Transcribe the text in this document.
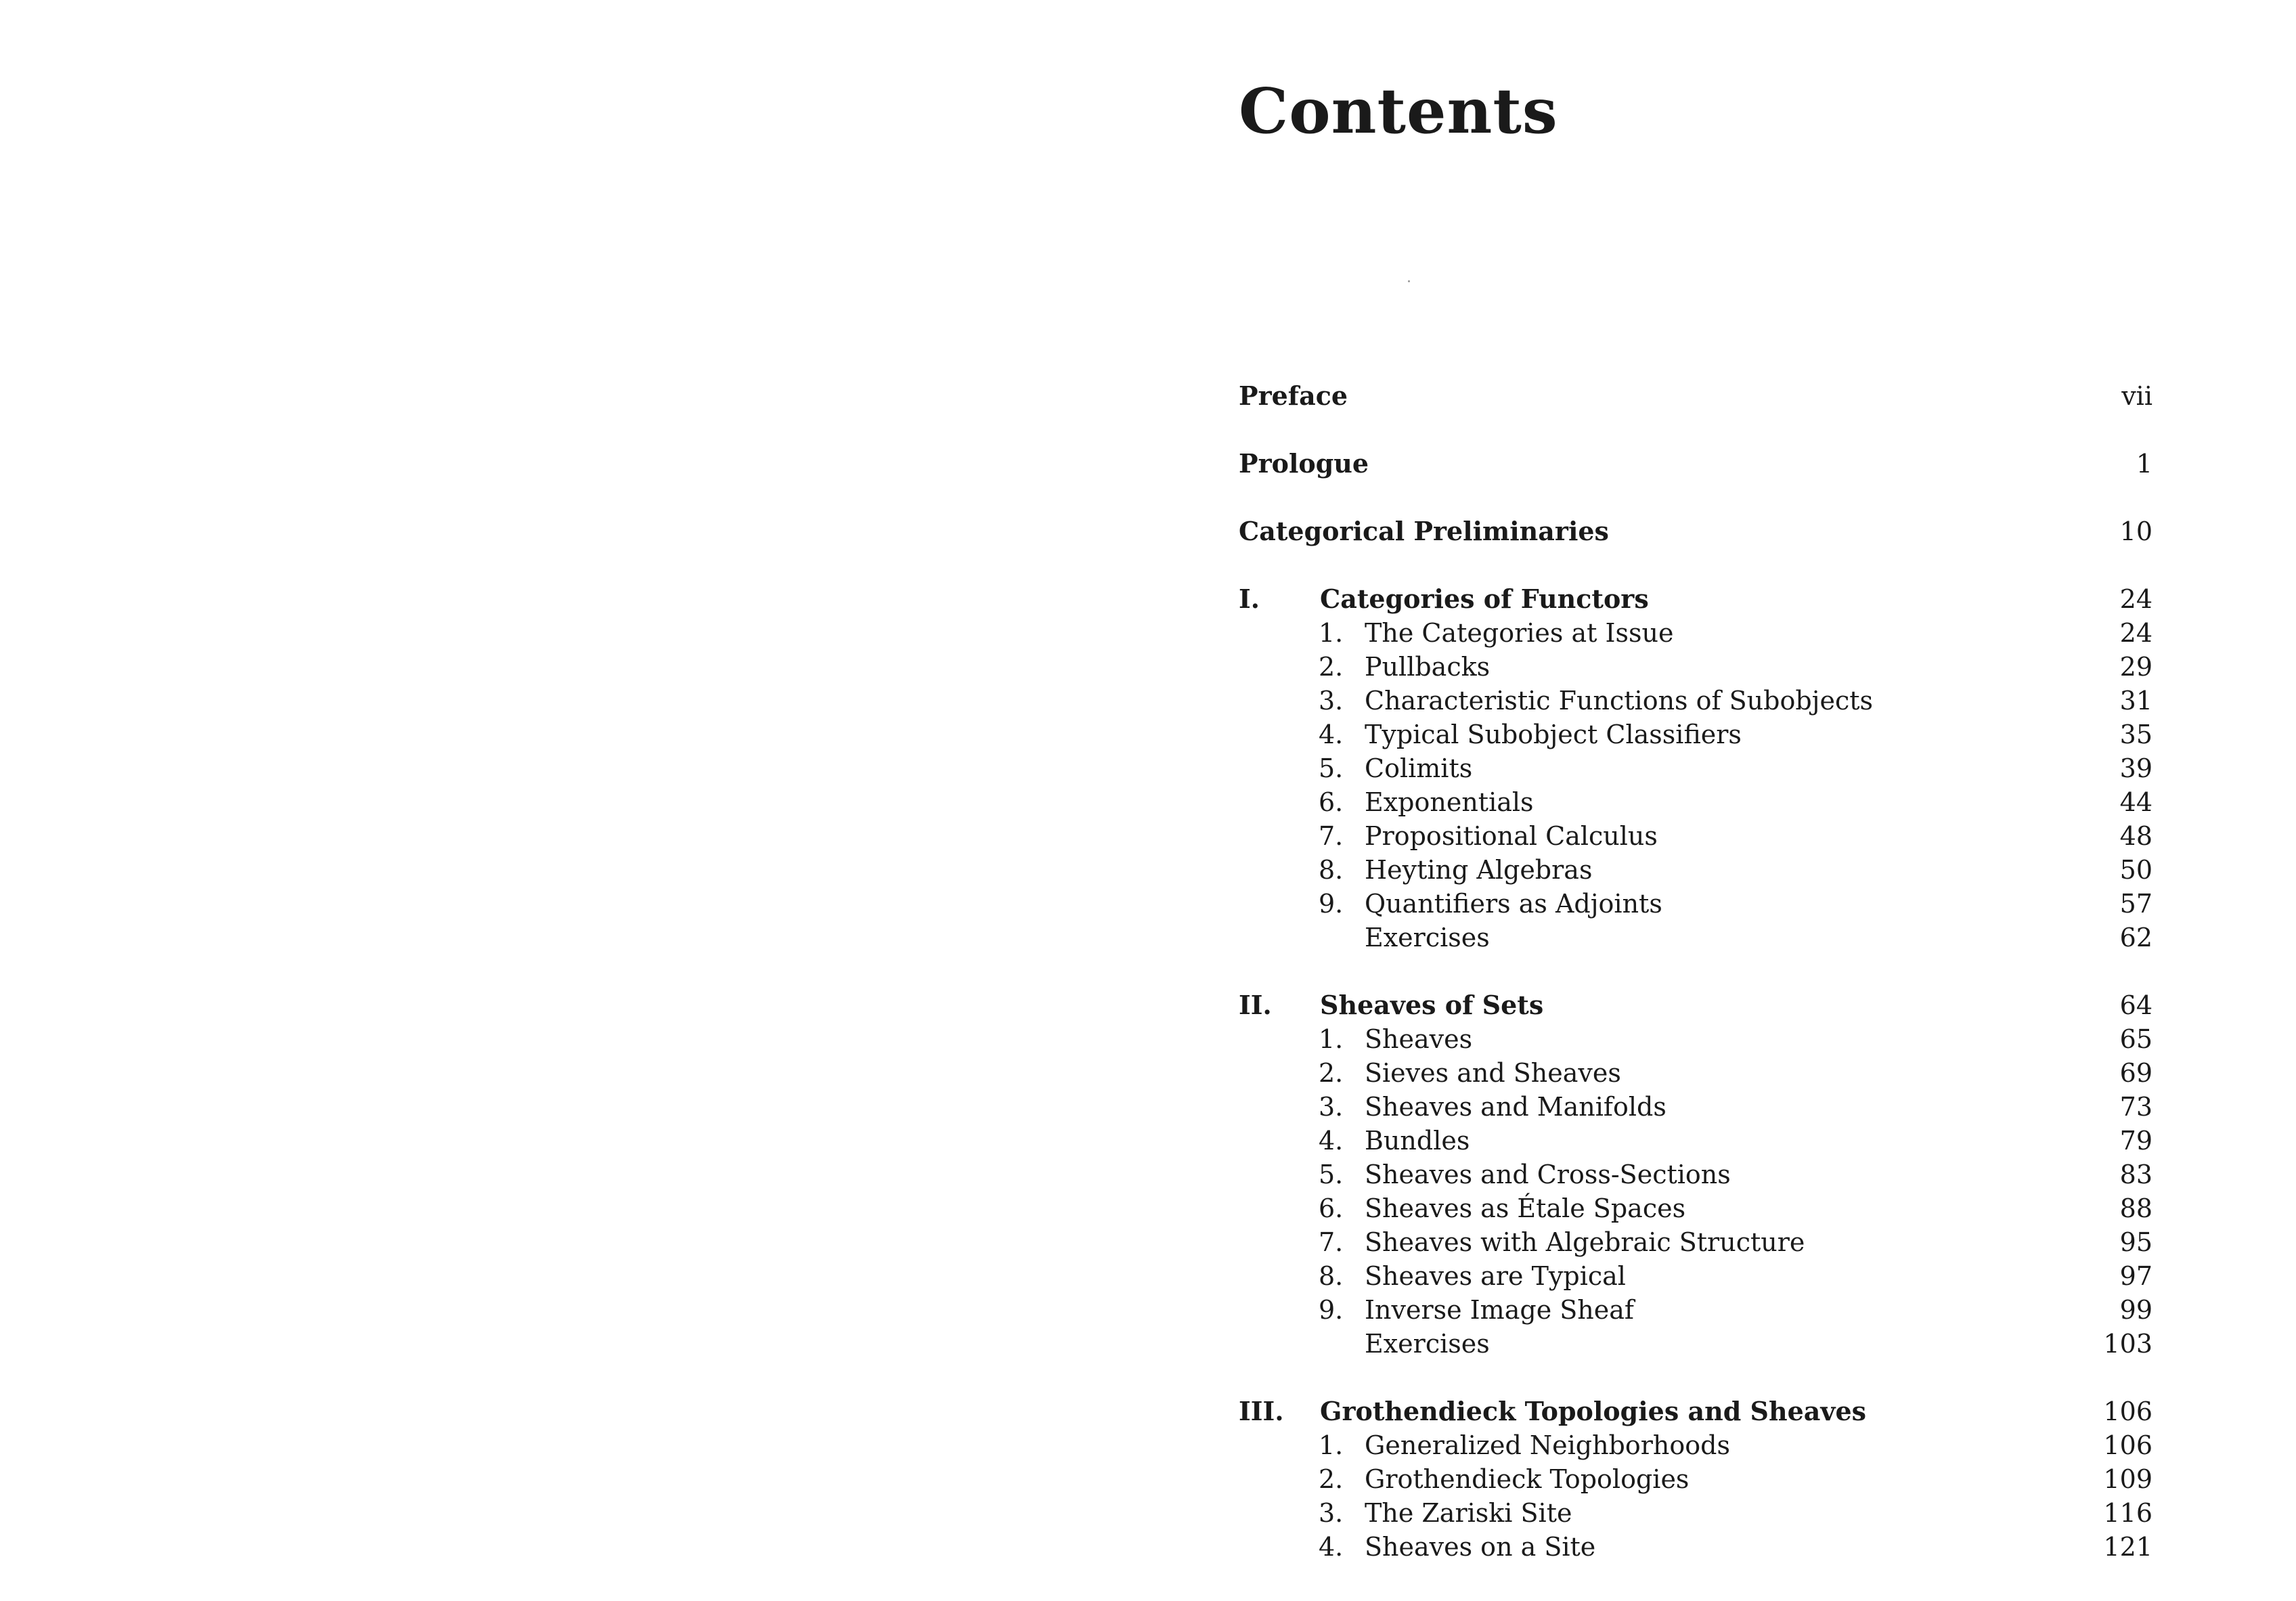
Contents
Preface	vii
Prologue	1
Categorical Preliminaries	10
I. Categories of Functors	24
1. The Categories at Issue	24
2. Pullbacks	29
3. Characteristic Functions of Subobjects	31
4. Typical Subobject Classifiers	35
5. Colimits	39
6. Exponentials	44
7. Propositional Calculus	48
8. Heyting Algebras	50
9. Quantifiers as Adjoints	57
Exercises	62
II. Sheaves of Sets	64
1. Sheaves	65
2. Sieves and Sheaves	69
3. Sheaves and Manifolds	73
4. Bundles	79
5. Sheaves and Cross-Sections	83
6. Sheaves as Étale Spaces	88
7. Sheaves with Algebraic Structure	95
8. Sheaves are Typical	97
9. Inverse Image Sheaf	99
Exercises	103
III. Grothendieck Topologies and Sheaves	106
1. Generalized Neighborhoods	106
2. Grothendieck Topologies	109
3. The Zariski Site	116
4. Sheaves on a Site	121
